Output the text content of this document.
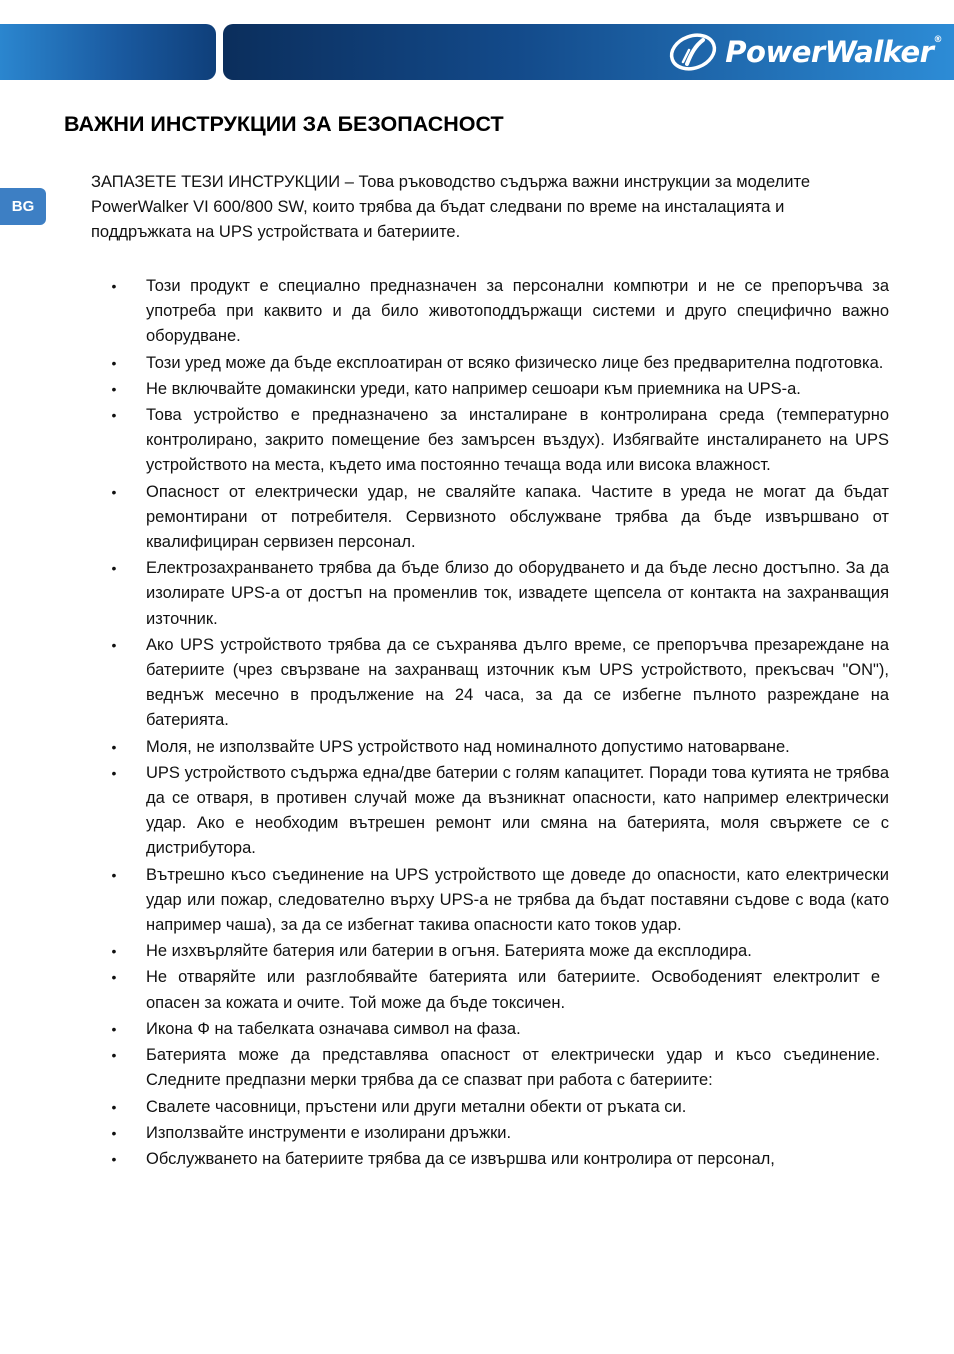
PowerWalker®
BG
ВАЖНИ ИНСТРУКЦИИ ЗА БЕЗОПАСНОСТ

ЗАПАЗЕТЕ ТЕЗИ ИНСТРУКЦИИ – Това ръководство съдържа важни инструкции за моделите PowerWalker VI 600/800 SW, които трябва да бъдат следвани по време на инсталацията и поддръжката на UPS устройствата и батериите.

•	Този продукт е специално предназначен за персонални компютри и не се препоръчва за употреба при каквито и да било животоподдържащи системи и друго специфично важно оборудване.
•	Този уред може да бъде експлоатиран от всяко физическо лице без предварителна подготовка.
•	Не включвайте домакински уреди, като например сешоари към приемника на UPS-а.
•	Това устройство е предназначено за инсталиране в контролирана среда (температурно контролирано, закрито помещение без замърсен въздух). Избягвайте инсталирането на UPS устройството на места, където има постоянно течаща вода или висока влажност.
•	Опасност от електрически удар, не сваляйте капака. Частите в уреда не могат да бъдат ремонтирани от потребителя. Сервизното обслужване трябва да бъде извършвано от квалифициран сервизен персонал.
•	Електрозахранването трябва да бъде близо до оборудването и да бъде лесно достъпно. За да изолирате UPS-а от достъп на променлив ток, извадете щепсела от контакта на захранващия източник.
•	Ако UPS устройството трябва да се съхранява дълго време, се препоръчва презареждане на батериите (чрез свързване на захранващ източник към UPS устройството, прекъсвач "ON"), веднъж месечно в продължение на 24 часа, за да се избегне пълното разреждане на батерията.
•	Моля, не използвайте UPS устройството над номиналното допустимо натоварване.
•	UPS устройството съдържа една/две батерии с голям капацитет. Поради това кутията не трябва да се отваря, в противен случай може да възникнат опасности, като например електрически удар. Ако е необходим вътрешен ремонт или смяна на батерията, моля свържете се с дистрибутора.
•	Вътрешно късо съединение на UPS устройството ще доведе до опасности, като електрически удар или пожар, следователно върху UPS-а не трябва да бъдат поставяни съдове с вода (като например чаша), за да се избегнат такива опасности като токов удар.
•	Не изхвърляйте батерия или батерии в огъня. Батерията може да експлодира.
•	Не отваряйте или разглобявайте батерията или батериите. Освободеният електролит е опасен за кожата и очите. Той може да бъде токсичен.
•	Икона Ф на табелката означава символ на фаза.
•	Батерията може да представлява опасност от електрически удар и късо съединение. Следните предпазни мерки трябва да се спазват при работа с батериите:
•	Свалете часовници, пръстени или други метални обекти от ръката си.
•	Използвайте инструменти е изолирани дръжки.
•	Обслужването на батериите трябва да се извършва или контролира от персонал,
